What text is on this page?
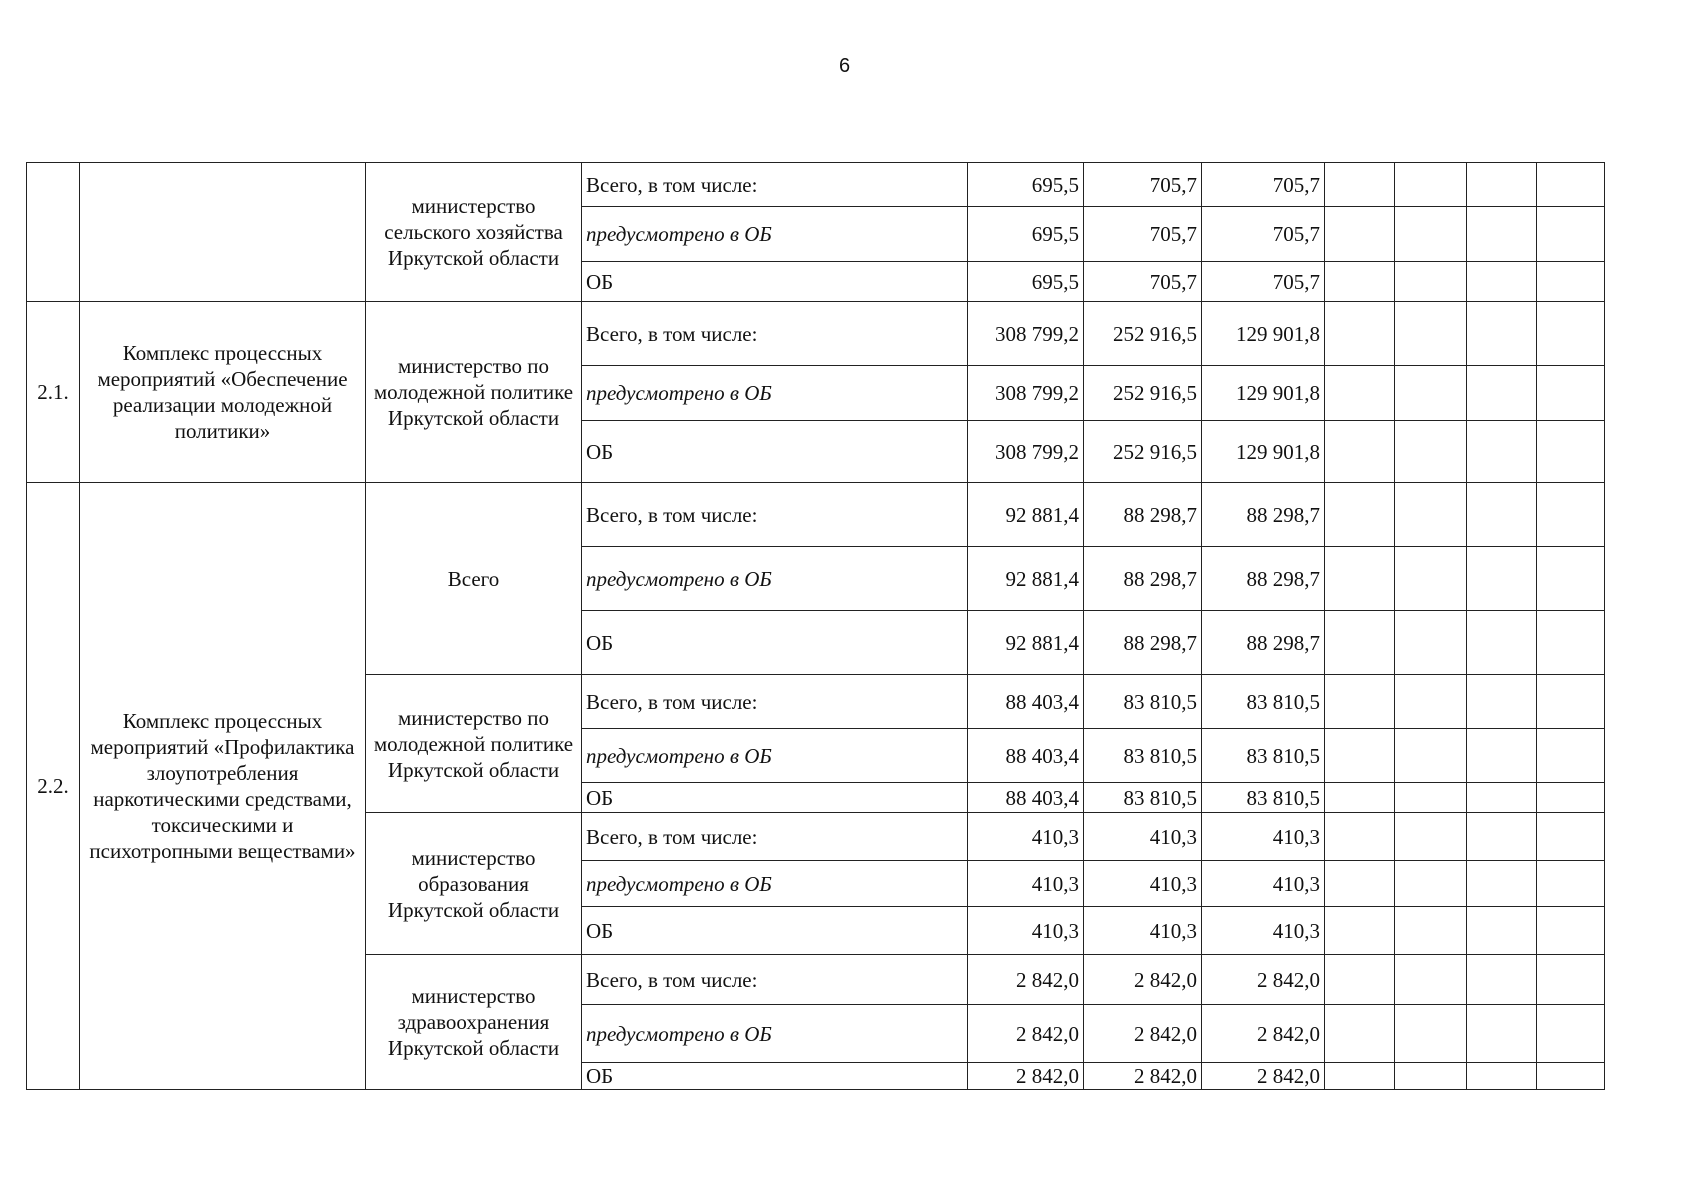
6
		министерство сельского хозяйства Иркутской области	Всего, в том числе:	695,5	705,7	705,7				
			предусмотрено в ОБ	695,5	705,7	705,7				
			ОБ	695,5	705,7	705,7				
2.1.	Комплекс процессных мероприятий «Обеспечение реализации молодежной политики»	министерство по молодежной политике Иркутской области	Всего, в том числе:	308 799,2	252 916,5	129 901,8				
			предусмотрено в ОБ	308 799,2	252 916,5	129 901,8				
			ОБ	308 799,2	252 916,5	129 901,8				
2.2.	Комплекс процессных мероприятий «Профилактика злоупотребления наркотическими средствами, токсическими и психотропными веществами»	Всего	Всего, в том числе:	92 881,4	88 298,7	88 298,7				
			предусмотрено в ОБ	92 881,4	88 298,7	88 298,7				
			ОБ	92 881,4	88 298,7	88 298,7				
		министерство по молодежной политике Иркутской области	Всего, в том числе:	88 403,4	83 810,5	83 810,5				
			предусмотрено в ОБ	88 403,4	83 810,5	83 810,5				
			ОБ	88 403,4	83 810,5	83 810,5				
		министерство образования Иркутской области	Всего, в том числе:	410,3	410,3	410,3				
			предусмотрено в ОБ	410,3	410,3	410,3				
			ОБ	410,3	410,3	410,3				
		министерство здравоохранения Иркутской области	Всего, в том числе:	2 842,0	2 842,0	2 842,0				
			предусмотрено в ОБ	2 842,0	2 842,0	2 842,0				
			ОБ	2 842,0	2 842,0	2 842,0				
